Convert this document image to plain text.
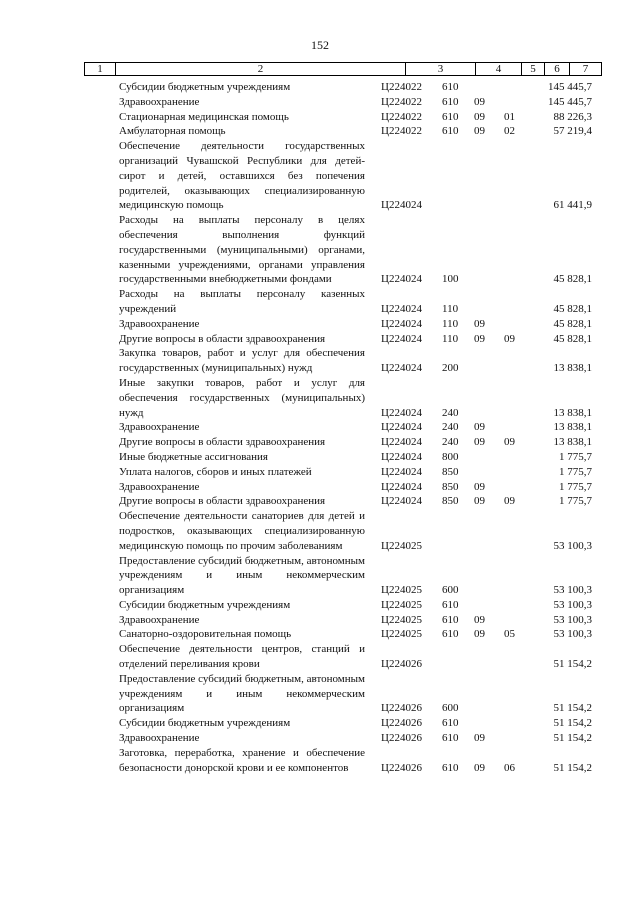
152
1	2	3	4	5	6	7
Субсидии бюджетным учреждениям	Ц224022 610	145 445,7
Здравоохранение	Ц224022 610 09	145 445,7
Стационарная медицинская помощь	Ц224022 610 09 01	88 226,3
Амбулаторная помощь	Ц224022 610 09 02	57 219,4
Обеспечение деятельности государственных организаций Чувашской Республики для детей-сирот и детей, оставшихся без попечения родителей, оказывающих специализированную медицинскую помощь	Ц224024	61 441,9
Расходы на выплаты персоналу в целях обеспечения выполнения функций государственными (муниципальными) органами, казенными учреждениями, органами управления государственными внебюджетными фондами	Ц224024 100	45 828,1
Расходы на выплаты персоналу казенных учреждений	Ц224024 110	45 828,1
Здравоохранение	Ц224024 110 09	45 828,1
Другие вопросы в области здравоохранения	Ц224024 110 09 09	45 828,1
Закупка товаров, работ и услуг для обеспечения государственных (муниципальных) нужд	Ц224024 200	13 838,1
Иные закупки товаров, работ и услуг для обеспечения государственных (муниципальных) нужд	Ц224024 240	13 838,1
Здравоохранение	Ц224024 240 09	13 838,1
Другие вопросы в области здравоохранения	Ц224024 240 09 09	13 838,1
Иные бюджетные ассигнования	Ц224024 800	1 775,7
Уплата налогов, сборов и иных платежей	Ц224024 850	1 775,7
Здравоохранение	Ц224024 850 09	1 775,7
Другие вопросы в области здравоохранения	Ц224024 850 09 09	1 775,7
Обеспечение деятельности санаториев для детей и подростков, оказывающих специализированную медицинскую помощь по прочим заболеваниям	Ц224025	53 100,3
Предоставление субсидий бюджетным, автономным учреждениям и иным некоммерческим организациям	Ц224025 600	53 100,3
Субсидии бюджетным учреждениям	Ц224025 610	53 100,3
Здравоохранение	Ц224025 610 09	53 100,3
Санаторно-оздоровительная помощь	Ц224025 610 09 05	53 100,3
Обеспечение деятельности центров, станций и отделений переливания крови	Ц224026	51 154,2
Предоставление субсидий бюджетным, автономным учреждениям и иным некоммерческим организациям	Ц224026 600	51 154,2
Субсидии бюджетным учреждениям	Ц224026 610	51 154,2
Здравоохранение	Ц224026 610 09	51 154,2
Заготовка, переработка, хранение и обеспечение безопасности донорской крови и ее компонентов	Ц224026 610 09 06	51 154,2
